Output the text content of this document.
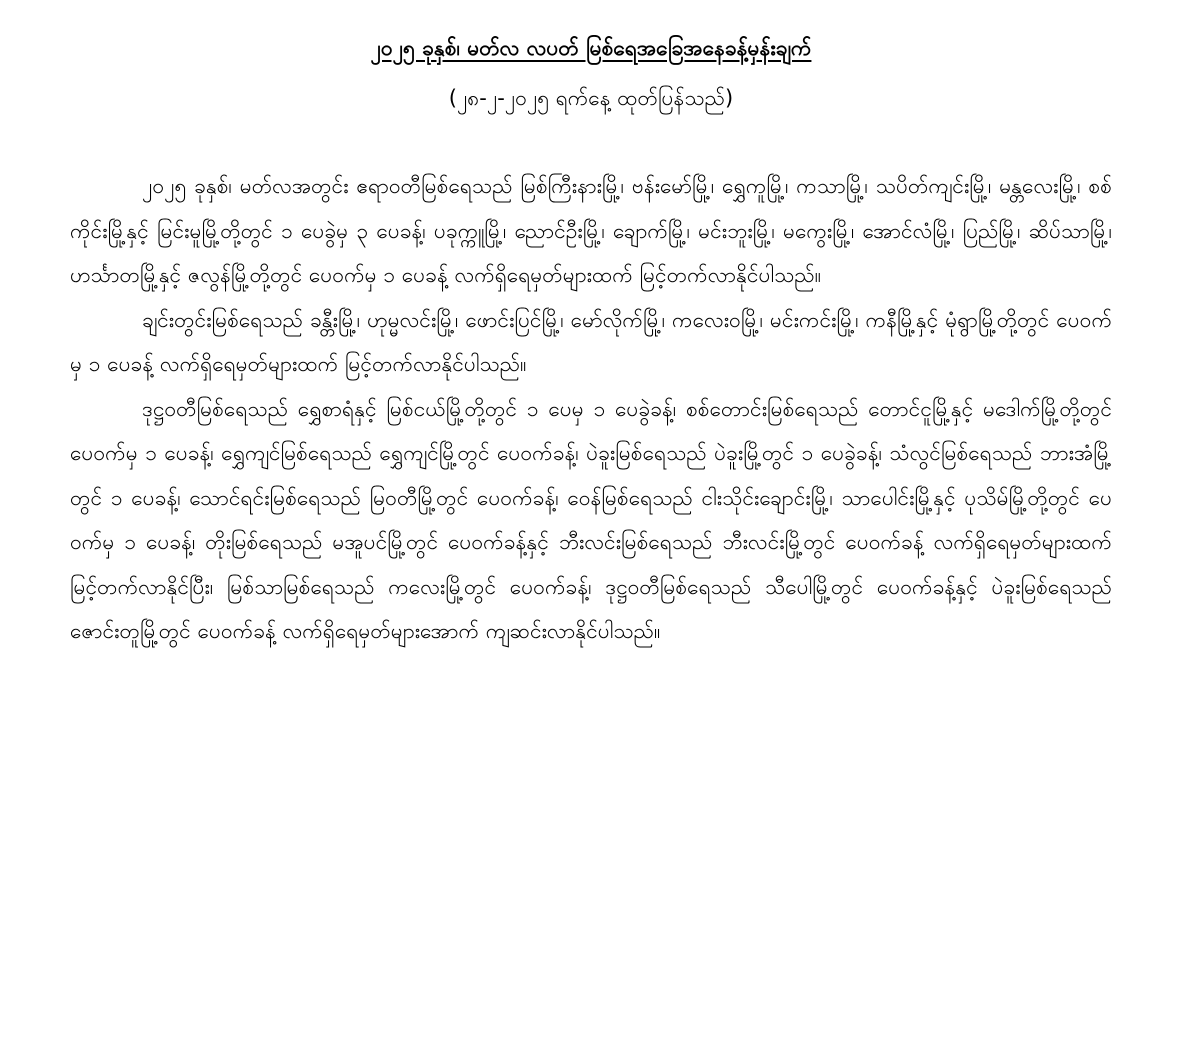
၂၀၂၅ ခုနှစ်၊ မတ်လ လပတ် မြစ်ရေအခြေအနေခန့်မှန်းချက်

(၂၈-၂-၂၀၂၅ ရက်နေ့ ထုတ်ပြန်သည်)

၂၀၂၅ ခုနှစ်၊ မတ်လအတွင်း ဧရာဝတီမြစ်ရေသည် မြစ်ကြီးနားမြို့၊ ဗန်းမော်မြို့၊ ရွှေကူမြို့၊ ကသာမြို့၊ သပိတ်ကျင်းမြို့၊ မန္တလေးမြို့၊ စစ်ကိုင်းမြို့နှင့် မြင်းမူမြို့တို့တွင် ၁ ပေခွဲမှ ၃ ပေခန့်၊ ပခုက္ကူမြို့၊ ညောင်ဦးမြို့၊ ချောက်မြို့၊ မင်းဘူးမြို့၊ မကွေးမြို့၊ အောင်လံမြို့၊ ပြည်မြို့၊ ဆိပ်သာမြို့၊ ဟင်္သာတမြို့နှင့် ဇလွန်မြို့တို့တွင် ပေဝက်မှ ၁ ပေခန့် လက်ရှိရေမှတ်များထက် မြင့်တက်လာနိုင်ပါသည်။

ချင်းတွင်းမြစ်ရေသည် ခန္တီးမြို့၊ ဟုမ္မလင်းမြို့၊ ဖောင်းပြင်မြို့၊ မော်လိုက်မြို့၊ ကလေးဝမြို့၊ မင်းကင်းမြို့၊ ကနီမြို့နှင့် မုံရွာမြို့တို့တွင် ပေဝက်မှ ၁ ပေခန့် လက်ရှိရေမှတ်များထက် မြင့်တက်လာနိုင်ပါသည်။

ဒုဋ္ဌဝတီမြစ်ရေသည် ရွှေစာရံနှင့် မြစ်ငယ်မြို့တို့တွင် ၁ ပေမှ ၁ ပေခွဲခန့်၊ စစ်တောင်းမြစ်ရေသည် တောင်ငူမြို့နှင့် မဒေါက်မြို့တို့တွင် ပေဝက်မှ ၁ ပေခန့်၊ ရွှေကျင်မြစ်ရေသည် ရွှေကျင်မြို့တွင် ပေဝက်ခန့်၊ ပဲခူးမြစ်ရေသည် ပဲခူးမြို့တွင် ၁ ပေခွဲခန့်၊ သံလွင်မြစ်ရေသည် ဘားအံမြို့တွင် ၁ ပေခန့်၊ သောင်ရင်းမြစ်ရေသည် မြဝတီမြို့တွင် ပေဝက်ခန့်၊ ဝေန်မြစ်ရေသည် ငါးသိုင်းချောင်းမြို့၊ သာပေါင်းမြို့နှင့် ပုသိမ်မြို့တို့တွင် ပေဝက်မှ ၁ ပေခန့်၊ တိုးမြစ်ရေသည် မအူပင်မြို့တွင် ပေဝက်ခန့်နှင့် ဘီးလင်းမြစ်ရေသည် ဘီးလင်းမြို့တွင် ပေဝက်ခန့် လက်ရှိရေမှတ်များထက် မြင့်တက်လာနိုင်ပြီး၊ မြစ်သာမြစ်ရေသည် ကလေးမြို့တွင် ပေဝက်ခန့်၊ ဒုဋ္ဌဝတီမြစ်ရေသည် သီပေါမြို့တွင် ပေဝက်ခန့်နှင့် ပဲခူးမြစ်ရေသည် ဇောင်းတူမြို့တွင် ပေဝက်ခန့် လက်ရှိရေမှတ်များအောက် ကျဆင်းလာနိုင်ပါသည်။
